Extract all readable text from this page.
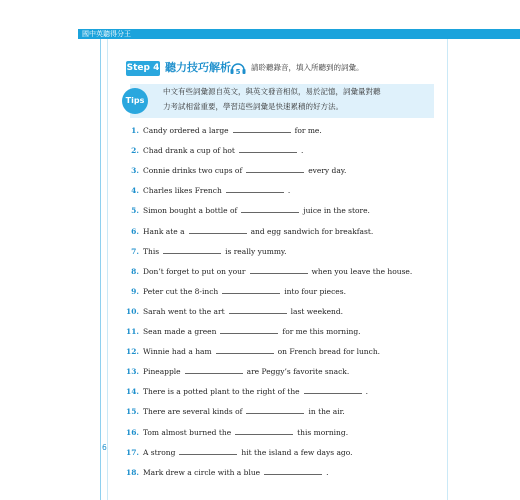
國中英聽得分王
Step 4 聽力技巧解析 5 請聆聽錄音，填入所聽到的詞彙。
Tips
中文有些詞彙源自英文，與英文發音相似，易於記憶，詞彙量對聽
力考試相當重要，學習這些詞彙是快速累積的好方法。
1. Candy ordered a large	for me.
2. Chad drank a cup of hot	.
3. Connie drinks two cups of	every day.
4. Charles likes French	.
5. Simon bought a bottle of	juice in the store.
6. Hank ate a	and egg sandwich for breakfast.
7. This	is really yummy.
8. Don’t forget to put on your	when you leave the house.
9. Peter cut the 8-inch	into four pieces.
10. Sarah went to the art	last weekend.
11. Sean made a green	for me this morning.
12. Winnie had a ham	on French bread for lunch.
13. Pineapple	are Peggy’s favorite snack.
14. There is a potted plant to the right of the	.
15. There are several kinds of	in the air.
16. Tom almost burned the	this morning.
17. A strong	hit the island a few days ago.
18. Mark drew a circle with a blue	.
6
